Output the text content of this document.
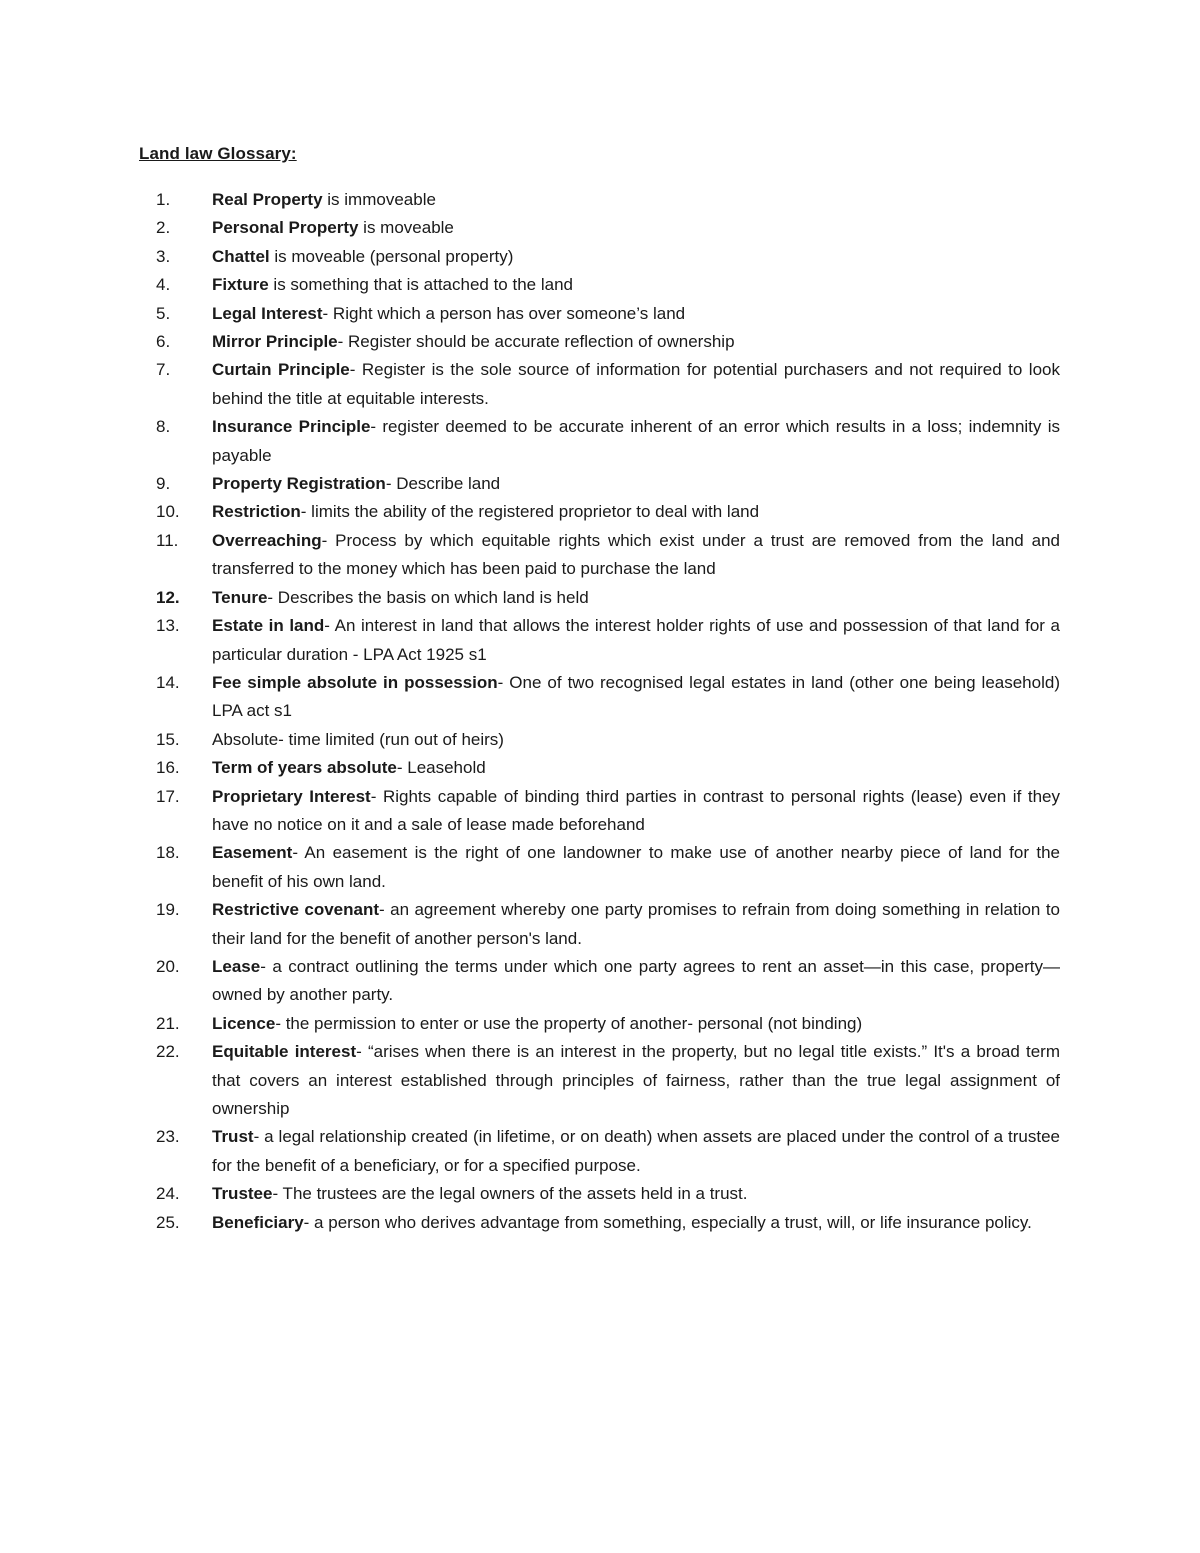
Land law Glossary:
1.	Real Property is immoveable
2.	Personal Property is moveable
3.	Chattel is moveable (personal property)
4.	Fixture is something that is attached to the land
5.	Legal Interest- Right which a person has over someone’s land
6.	Mirror Principle- Register should be accurate reflection of ownership
7.	Curtain Principle- Register is the sole source of information for potential purchasers and not required to look behind the title at equitable interests.
8.	Insurance Principle- register deemed to be accurate inherent of an error which results in a loss; indemnity is payable
9.	Property Registration- Describe land
10.	Restriction- limits the ability of the registered proprietor to deal with land
11.	Overreaching- Process by which equitable rights which exist under a trust are removed from the land and transferred to the money which has been paid to purchase the land
12.	Tenure- Describes the basis on which land is held
13.	Estate in land- An interest in land that allows the interest holder rights of use and possession of that land for a particular duration - LPA Act 1925 s1
14.	Fee simple absolute in possession- One of two recognised legal estates in land (other one being leasehold) LPA act s1
15.	Absolute- time limited (run out of heirs)
16.	Term of years absolute- Leasehold
17.	Proprietary Interest- Rights capable of binding third parties in contrast to personal rights (lease) even if they have no notice on it and a sale of lease made beforehand
18.	Easement- An easement is the right of one landowner to make use of another nearby piece of land for the benefit of his own land.
19.	Restrictive covenant- an agreement whereby one party promises to refrain from doing something in relation to their land for the benefit of another person's land.
20.	Lease- a contract outlining the terms under which one party agrees to rent an asset—in this case, property—owned by another party.
21.	Licence- the permission to enter or use the property of another- personal (not binding)
22.	Equitable interest- “arises when there is an interest in the property, but no legal title exists.” It's a broad term that covers an interest established through principles of fairness, rather than the true legal assignment of ownership
23.	Trust- a legal relationship created (in lifetime, or on death) when assets are placed under the control of a trustee for the benefit of a beneficiary, or for a specified purpose.
24.	Trustee- The trustees are the legal owners of the assets held in a trust.
25.	Beneficiary- a person who derives advantage from something, especially a trust, will, or life insurance policy.
